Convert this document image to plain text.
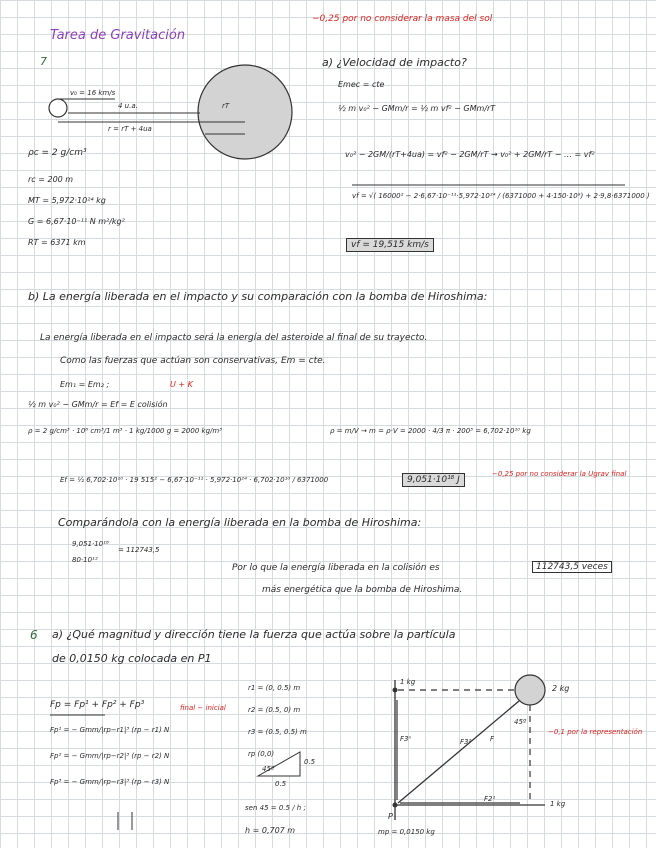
−0,25 por no considerar la masa del sol
Tarea de Gravitación
7
v₀ = 16 km/s
4 u.a.
r = rT + 4ua
rT
ρc = 2 g/cm³
rc = 200 m
MT = 5,972·10²⁴ kg
G = 6,67·10⁻¹¹ N m²/kg²
RT = 6371 km
a) ¿Velocidad de impacto?
Emec = cte
½ m v₀² − GMm/r = ½ m vf² − GMm/rT
v₀² − 2GM/(rT+4ua) = vf² − 2GM/rT → v₀² + 2GM/rT − … = vf²
vf = √( 16000² − 2·6,67·10⁻¹¹·5,972·10²⁴ / (6371000 + 4·150·10⁹) + 2·9,8·6371000 )
vf = 19,515 km/s
b) La energía liberada en el impacto y su comparación con la bomba de Hiroshima:
La energía liberada en el impacto será la energía del asteroide al final de su trayecto.
Como las fuerzas que actúan son conservativas, Em = cte.
Em₁ = Em₂ ;	U + K
½ m v₀² − GMm/r = Ef = E colisión
ρ = 2 g/cm³ · 10⁶ cm³/1 m³ · 1 kg/1000 g = 2000 kg/m³	ρ = m/V → m = ρ·V = 2000 · 4/3 π · 200³ = 6,702·10¹⁰ kg
Ef = ½ 6,702·10¹⁰ · 19 515² − 6,67·10⁻¹¹ · 5,972·10²⁴ · 6,702·10¹⁰ / 6371000	9,051·10¹⁸ J
−0,25 por no considerar la Ugrav final
Comparándola con la energía liberada en la bomba de Hiroshima:
9,051·10¹⁸
80·10¹²
= 112743,5
Por lo que la energía liberada en la colisión es	112743,5 veces
más energética que la bomba de Hiroshima.
6 a) ¿Qué magnitud y dirección tiene la fuerza que actúa sobre la partícula
de 0,0150 kg colocada en P1
Fp = Fp¹ + Fp² + Fp³	final − inicial
Fp¹ = − Gmm/|rp−r1|³ (rp − r1) N
Fp² = − Gmm/|rp−r2|³ (rp − r2) N
Fp³ = − Gmm/|rp−r3|³ (rp − r3) N
r1 = (0, 0.5) m
r2 = (0.5, 0) m
r3 = (0.5, 0.5) m
rp (0,0)
0.5
0.5
45º
sen 45 = 0.5 / h ;
h = 0,707 m
1 kg
2 kg
1 kg
P
mp = 0,0150 kg
F
45º
F3ⁿ	F3²
F2¹
−0,1 por la representación
